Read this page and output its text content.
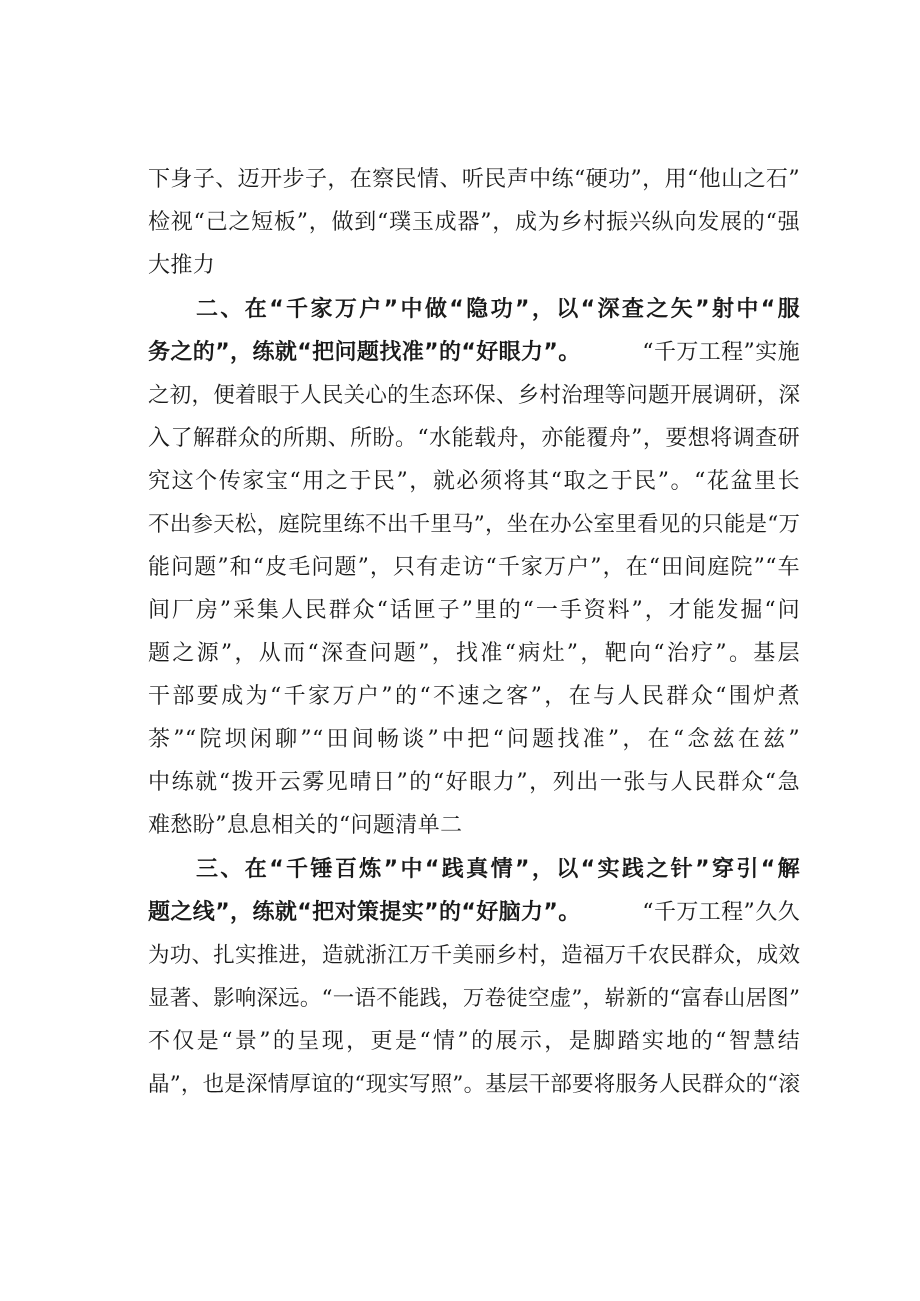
下身子、迈开步子，在察民情、听民声中练“硬功”，用“他山之石”
检视“己之短板”，做到“璞玉成器”，成为乡村振兴纵向发展的“强
大推力
二、在“千家万户”中做“隐功”，以“深查之矢”射中“服
务之的”，练就“把问题找准”的“好眼力”。	“千万工程”实施
之初，便着眼于人民关心的生态环保、乡村治理等问题开展调研，深
入了解群众的所期、所盼。“水能载舟，亦能覆舟”，要想将调查研
究这个传家宝“用之于民”，就必须将其“取之于民”。“花盆里长
不出参天松，庭院里练不出千里马”，坐在办公室里看见的只能是“万
能问题”和“皮毛问题”，只有走访“千家万户”，在“田间庭院”“车
间厂房”采集人民群众“话匣子”里的“一手资料”，才能发掘“问
题之源”，从而“深查问题”，找准“病灶”，靶向“治疗”。基层
干部要成为“千家万户”的“不速之客”，在与人民群众“围炉煮
茶”“院坝闲聊”“田间畅谈”中把“问题找准”，在“念兹在兹”
中练就“拨开云雾见晴日”的“好眼力”，列出一张与人民群众“急
难愁盼”息息相关的“问题清单二
三、在“千锤百炼”中“践真情”，以“实践之针”穿引“解
题之线”，练就“把对策提实”的“好脑力”。	“千万工程”久久
为功、扎实推进，造就浙江万千美丽乡村，造福万千农民群众，成效
显著、影响深远。“一语不能践，万卷徒空虚”，崭新的“富春山居图”
不仅是“景”的呈现，更是“情”的展示，是脚踏实地的“智慧结
晶”，也是深情厚谊的“现实写照”。基层干部要将服务人民群众的“滚
